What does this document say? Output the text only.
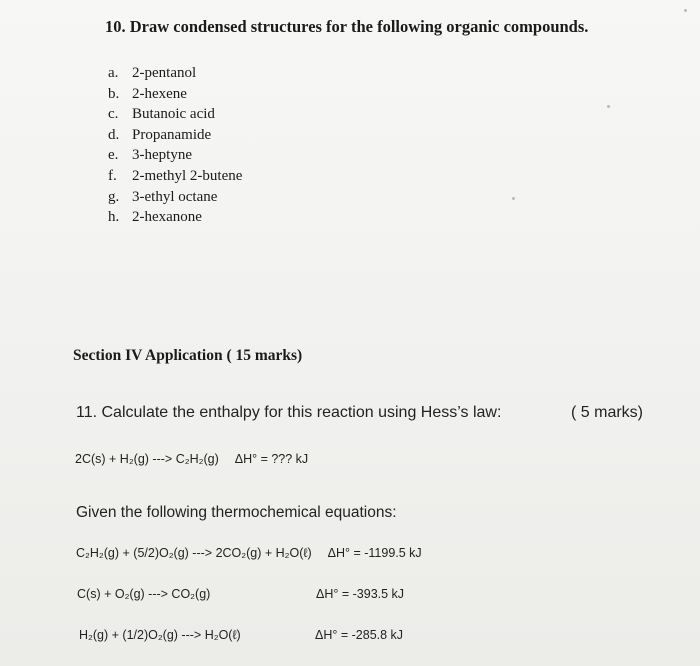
10. Draw condensed structures for the following organic compounds.
a. 2-pentanol
b. 2-hexene
c. Butanoic acid
d. Propanamide
e. 3-heptyne
f. 2-methyl 2-butene
g. 3-ethyl octane
h. 2-hexanone
Section IV Application ( 15 marks)
11. Calculate the enthalpy for this reaction using Hess’s law:	( 5 marks)
2C(s) + H₂(g) ---> C₂H₂(g) ΔH° = ??? kJ
Given the following thermochemical equations:
C₂H₂(g) + (5/2)O₂(g) ---> 2CO₂(g) + H₂O(ℓ) ΔH° = -1199.5 kJ
C(s) + O₂(g) ---> CO₂(g)	ΔH° = -393.5 kJ
H₂(g) + (1/2)O₂(g) ---> H₂O(ℓ)	ΔH° = -285.8 kJ
